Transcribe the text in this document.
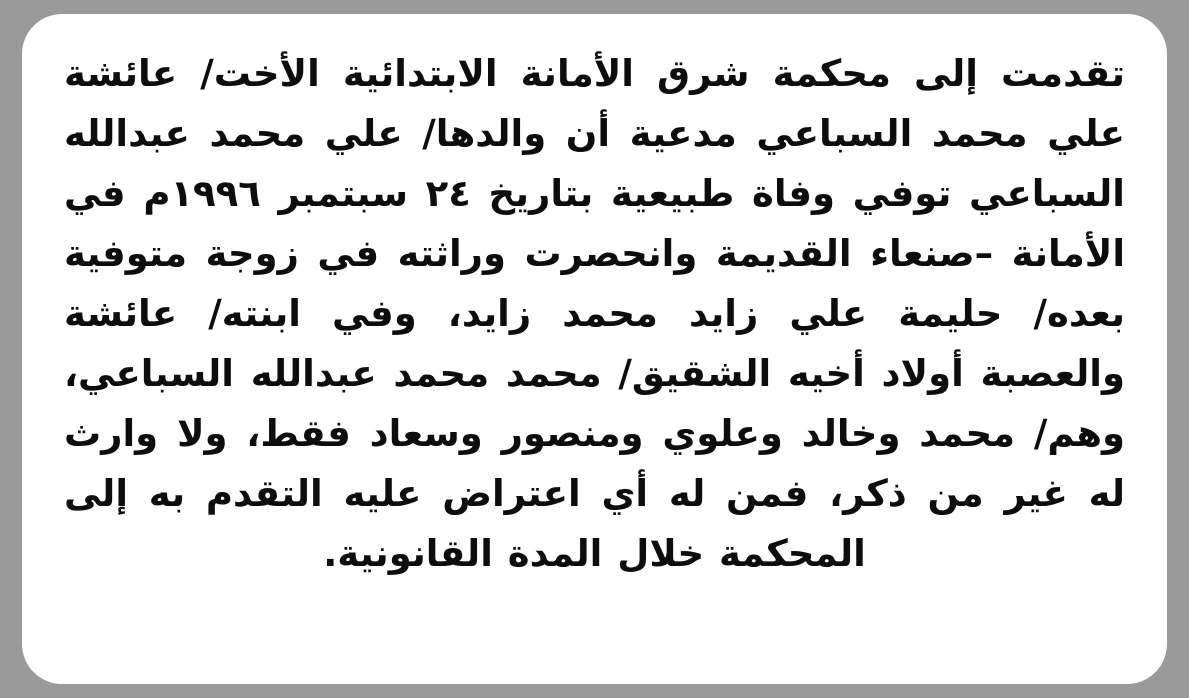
تقدمت إلى محكمة شرق الأمانة الابتدائية الأخت/ عائشة علي محمد السباعي مدعية أن والدها/ علي محمد عبدالله السباعي توفي وفاة طبيعية بتاريخ ٢٤ سبتمبر ١٩٩٦م في الأمانة –صنعاء القديمة وانحصرت وراثته في زوجة متوفية بعده/ حليمة علي زايد محمد زايد، وفي ابنته/ عائشة والعصبة أولاد أخيه الشقيق/ محمد محمد عبدالله السباعي، وهم/ محمد وخالد وعلوي ومنصور وسعاد فقط، ولا وارث له غير من ذكر، فمن له أي اعتراض عليه التقدم به إلى المحكمة خلال المدة القانونية.
